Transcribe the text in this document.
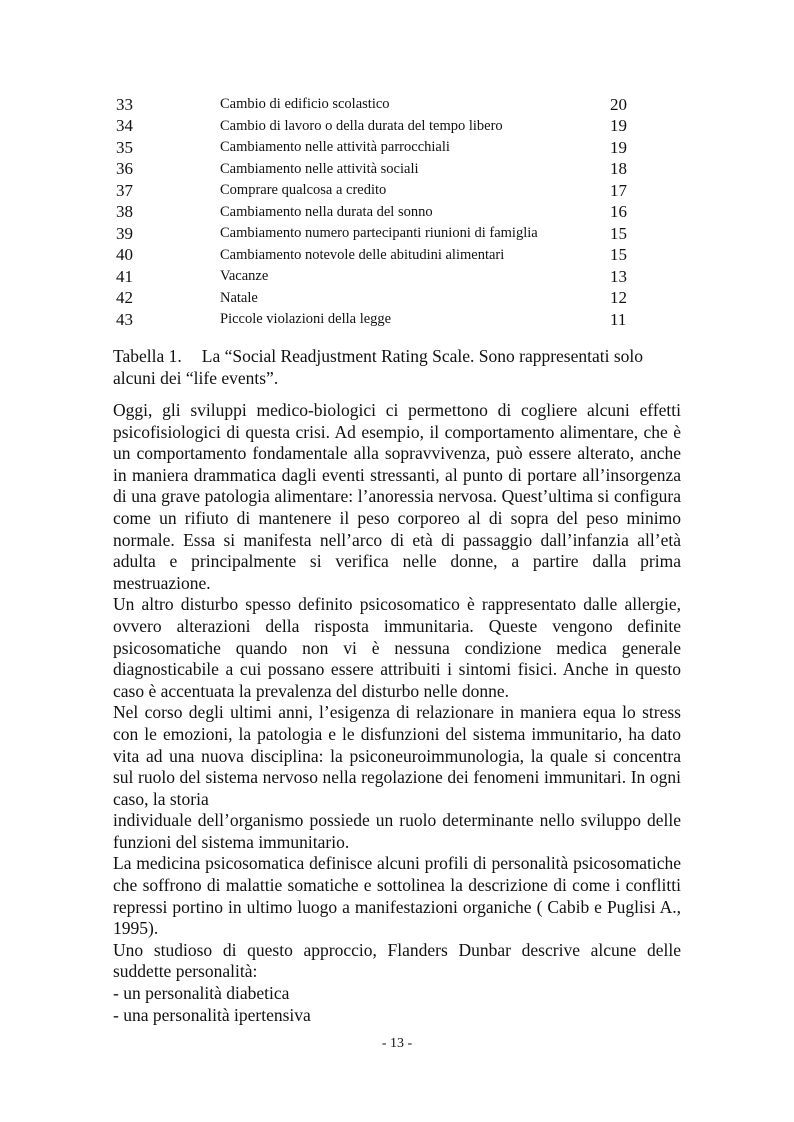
33	Cambio di edificio scolastico	20
34	Cambio di lavoro o della durata del tempo libero	19
35	Cambiamento nelle attività parrocchiali	19
36	Cambiamento nelle attività sociali	18
37	Comprare qualcosa a credito	17
38	Cambiamento nella durata del sonno	16
39	Cambiamento numero partecipanti riunioni di famiglia	15
40	Cambiamento notevole delle abitudini alimentari	15
41	Vacanze	13
42	Natale	12
43	Piccole violazioni della legge	11
Tabella 1. La “Social Readjustment Rating Scale. Sono rappresentati solo alcuni dei “life events”.

Oggi, gli sviluppi medico-biologici ci permettono di cogliere alcuni effetti psicofisiologici di questa crisi. Ad esempio, il comportamento alimentare, che è un comportamento fondamentale alla sopravvivenza, può essere alterato, anche in maniera drammatica dagli eventi stressanti, al punto di portare all’insorgenza di una grave patologia alimentare: l’anoressia nervosa. Quest’ultima si configura come un rifiuto di mantenere il peso corporeo al di sopra del peso minimo normale. Essa si manifesta nell’arco di età di passaggio dall’infanzia all’età adulta e principalmente si verifica nelle donne, a partire dalla prima mestruazione.

Un altro disturbo spesso definito psicosomatico è rappresentato dalle allergie, ovvero alterazioni della risposta immunitaria. Queste vengono definite psicosomatiche quando non vi è nessuna condizione medica generale diagnosticabile a cui possano essere attribuiti i sintomi fisici. Anche in questo caso è accentuata la prevalenza del disturbo nelle donne.

Nel corso degli ultimi anni, l’esigenza di relazionare in maniera equa lo stress con le emozioni, la patologia e le disfunzioni del sistema immunitario, ha dato vita ad una nuova disciplina: la psiconeuroimmunologia, la quale si concentra sul ruolo del sistema nervoso nella regolazione dei fenomeni immunitari. In ogni caso, la storia

individuale dell’organismo possiede un ruolo determinante nello sviluppo delle funzioni del sistema immunitario.

La medicina psicosomatica definisce alcuni profili di personalità psicosomatiche che soffrono di malattie somatiche e sottolinea la descrizione di come i conflitti repressi portino in ultimo luogo a manifestazioni organiche ( Cabib e Puglisi A., 1995).

Uno studioso di questo approccio, Flanders Dunbar descrive alcune delle suddette personalità:

- un personalità diabetica

- una personalità ipertensiva

- 13 -
